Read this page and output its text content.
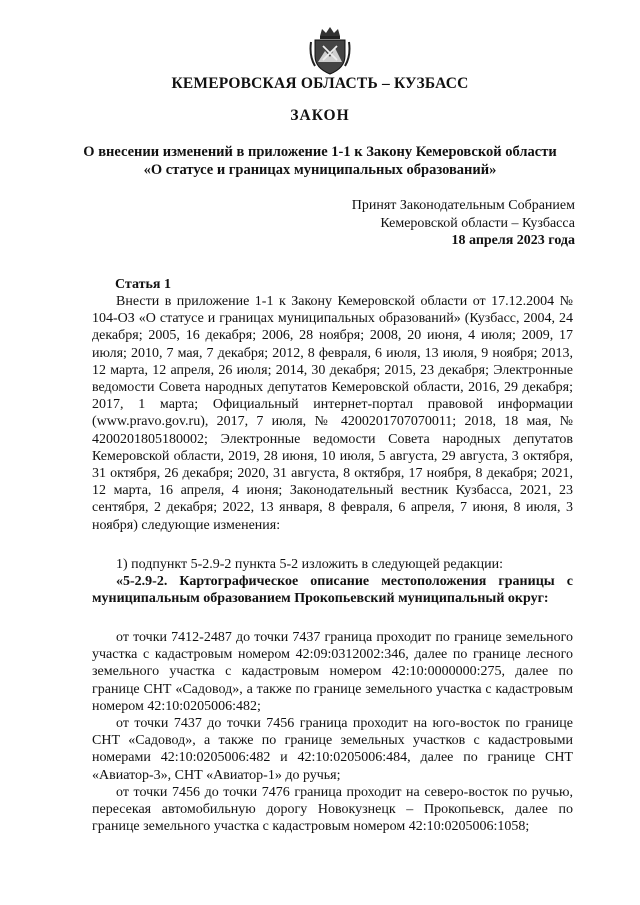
КЕМЕРОВСКАЯ ОБЛАСТЬ – КУЗБАСС
ЗАКОН
О внесении изменений в приложение 1-1 к Закону Кемеровской области
«О статусе и границах муниципальных образований»
Принят Законодательным Собранием
Кемеровской области – Кузбасса
18 апреля 2023 года
Статья 1

Внести в приложение 1-1 к Закону Кемеровской области от 17.12.2004 № 104-ОЗ «О статусе и границах муниципальных образований» (Кузбасс, 2004, 24 декабря; 2005, 16 декабря; 2006, 28 ноября; 2008, 20 июня, 4 июля; 2009, 17 июля; 2010, 7 мая, 7 декабря; 2012, 8 февраля, 6 июля, 13 июля, 9 ноября; 2013, 12 марта, 12 апреля, 26 июля; 2014, 30 декабря; 2015, 23 декабря; Электронные ведомости Совета народных депутатов Кемеровской области, 2016, 29 декабря; 2017, 1 марта; Официальный интернет-портал правовой информации (www.pravo.gov.ru), 2017, 7 июля, № 4200201707070011; 2018, 18 мая, № 4200201805180002; Электронные ведомости Совета народных депутатов Кемеровской области, 2019, 28 июня, 10 июля, 5 августа, 29 августа, 3 октября, 31 октября, 26 декабря; 2020, 31 августа, 8 октября, 17 ноября, 8 декабря; 2021, 12 марта, 16 апреля, 4 июня; Законодательный вестник Кузбасса, 2021, 23 сентября, 2 декабря; 2022, 13 января, 8 февраля, 6 апреля, 7 июня, 8 июля, 3 ноября) следующие изменения:

1) подпункт 5-2.9-2 пункта 5-2 изложить в следующей редакции:

«5-2.9-2. Картографическое описание местоположения границы с муниципальным образованием Прокопьевский муниципальный округ:

от точки 7412-2487 до точки 7437 граница проходит по границе земельного участка с кадастровым номером 42:09:0312002:346, далее по границе лесного земельного участка с кадастровым номером 42:10:0000000:275, далее по границе СНТ «Садовод», а также по границе земельного участка с кадастровым номером 42:10:0205006:482;

от точки 7437 до точки 7456 граница проходит на юго-восток по границе СНТ «Садовод», а также по границе земельных участков с кадастровыми номерами 42:10:0205006:482 и 42:10:0205006:484, далее по границе СНТ «Авиатор-3», СНТ «Авиатор-1» до ручья;

от точки 7456 до точки 7476 граница проходит на северо-восток по ручью, пересекая автомобильную дорогу Новокузнецк – Прокопьевск, далее по границе земельного участка с кадастровым номером 42:10:0205006:1058;
